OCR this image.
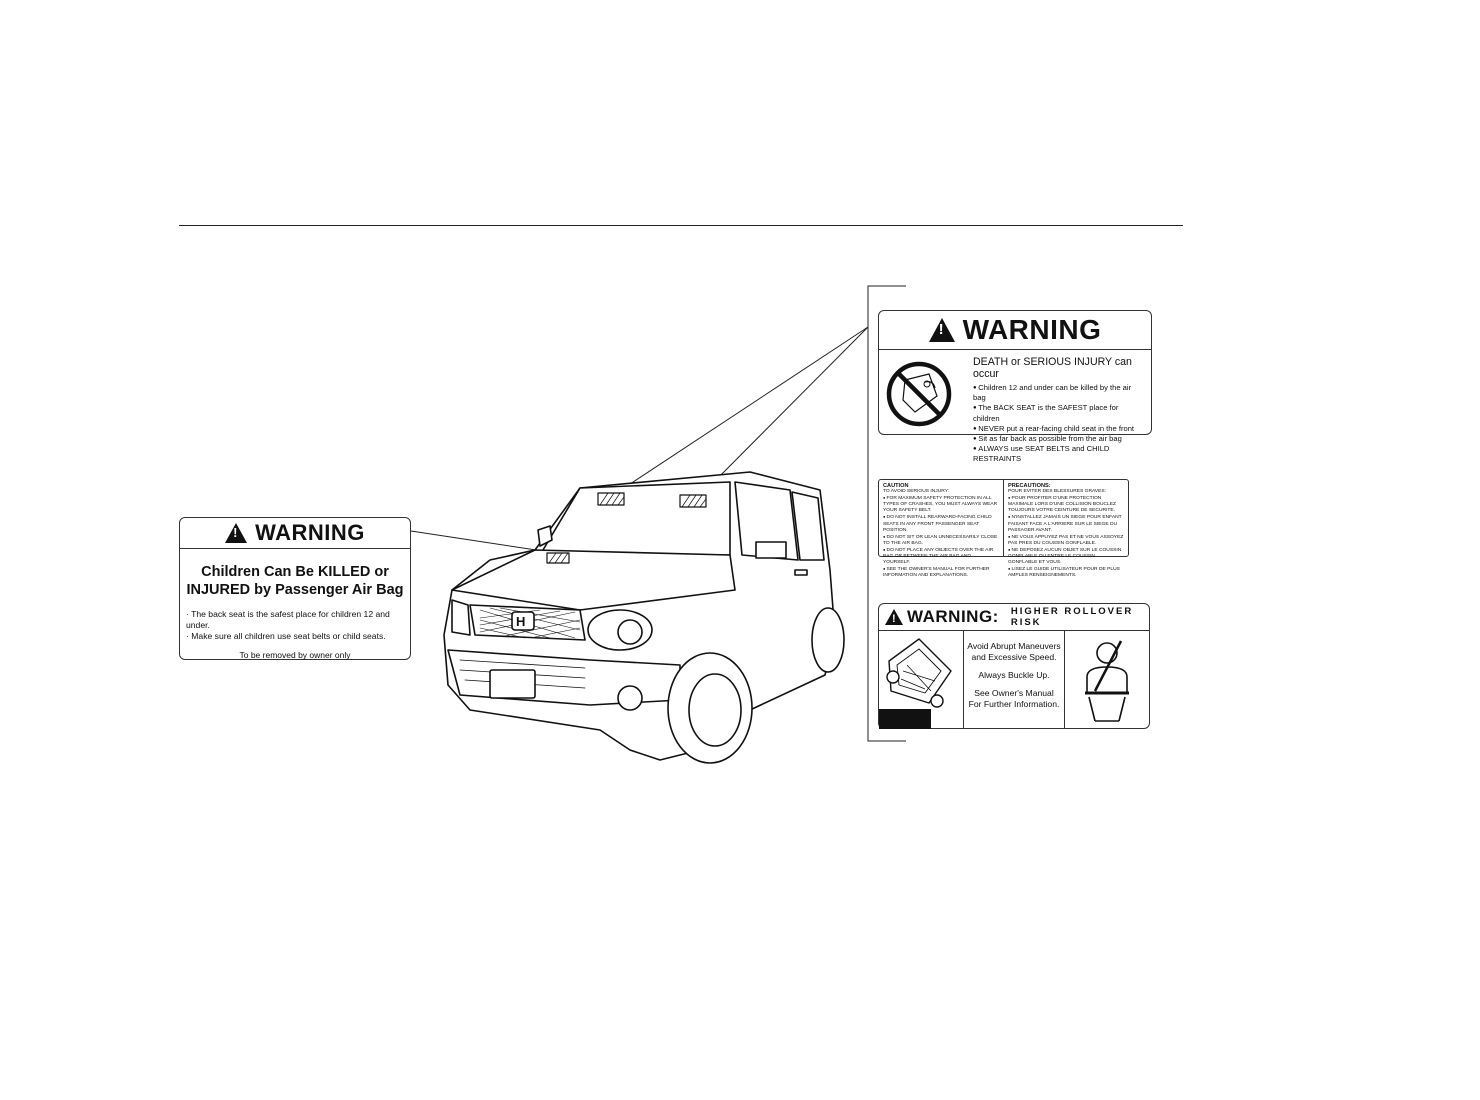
H
!
WARNING
Children Can Be KILLED or
INJURED by Passenger Air Bag
· The back seat is the safest place for children 12 and under.
· Make sure all children use seat belts or child seats.
To be removed by owner only
!
WARNING
DEATH or SERIOUS INJURY can occur
● Children 12 and under can be killed by the air bag
● The BACK SEAT is the SAFEST place for children
● NEVER put a rear-facing child seat in the front
● Sit as far back as possible from the air bag
● ALWAYS use SEAT BELTS and CHILD RESTRAINTS
CAUTION
TO AVOID SERIOUS INJURY:
● FOR MAXIMUM SAFETY PROTECTION IN ALL TYPES OF CRASHES, YOU MUST ALWAYS WEAR YOUR SAFETY BELT.
● DO NOT INSTALL REARWARD-FACING CHILD SEATS IN ANY FRONT PASSENGER SEAT POSITION.
● DO NOT SIT OR LEAN UNNECESSARILY CLOSE TO THE AIR BAG.
● DO NOT PLACE ANY OBJECTS OVER THE AIR BAG OR BETWEEN THE AIR BAG AND YOURSELF.
● SEE THE OWNER'S MANUAL FOR FURTHER INFORMATION AND EXPLANATIONS.
PRECAUTIONS:
POUR EVITER DES BLESSURES GRAVES:
● POUR PROFITER D'UNE PROTECTION MAXIMALE LORS D'UNE COLLISION BOUCLEZ TOUJOURS VOTRE CEINTURE DE SECURITE.
● N'INSTALLEZ JAMAIS UN SIEGE POUR ENFANT FAISANT FACE A L'ARRIERE SUR LE SIEGE DU PASSAGER AVANT.
● NE VOUS APPUYEZ PAS ET NE VOUS ASSOYEZ PAS PRES DU COUSSIN GONFLABLE.
● NE DEPOSEZ AUCUN OBJET SUR LE COUSSIN GONFLABLE OU ENTRE LE COUSSIN GONFLABLE ET VOUS.
● LISEZ LE GUIDE UTILISATEUR POUR DE PLUS AMPLES RENSEIGNEMENTS.
!
WARNING: HIGHER ROLLOVER RISK

Avoid Abrupt Maneuvers
and Excessive Speed.

Always Buckle Up.

See Owner's Manual
For Further Information.
